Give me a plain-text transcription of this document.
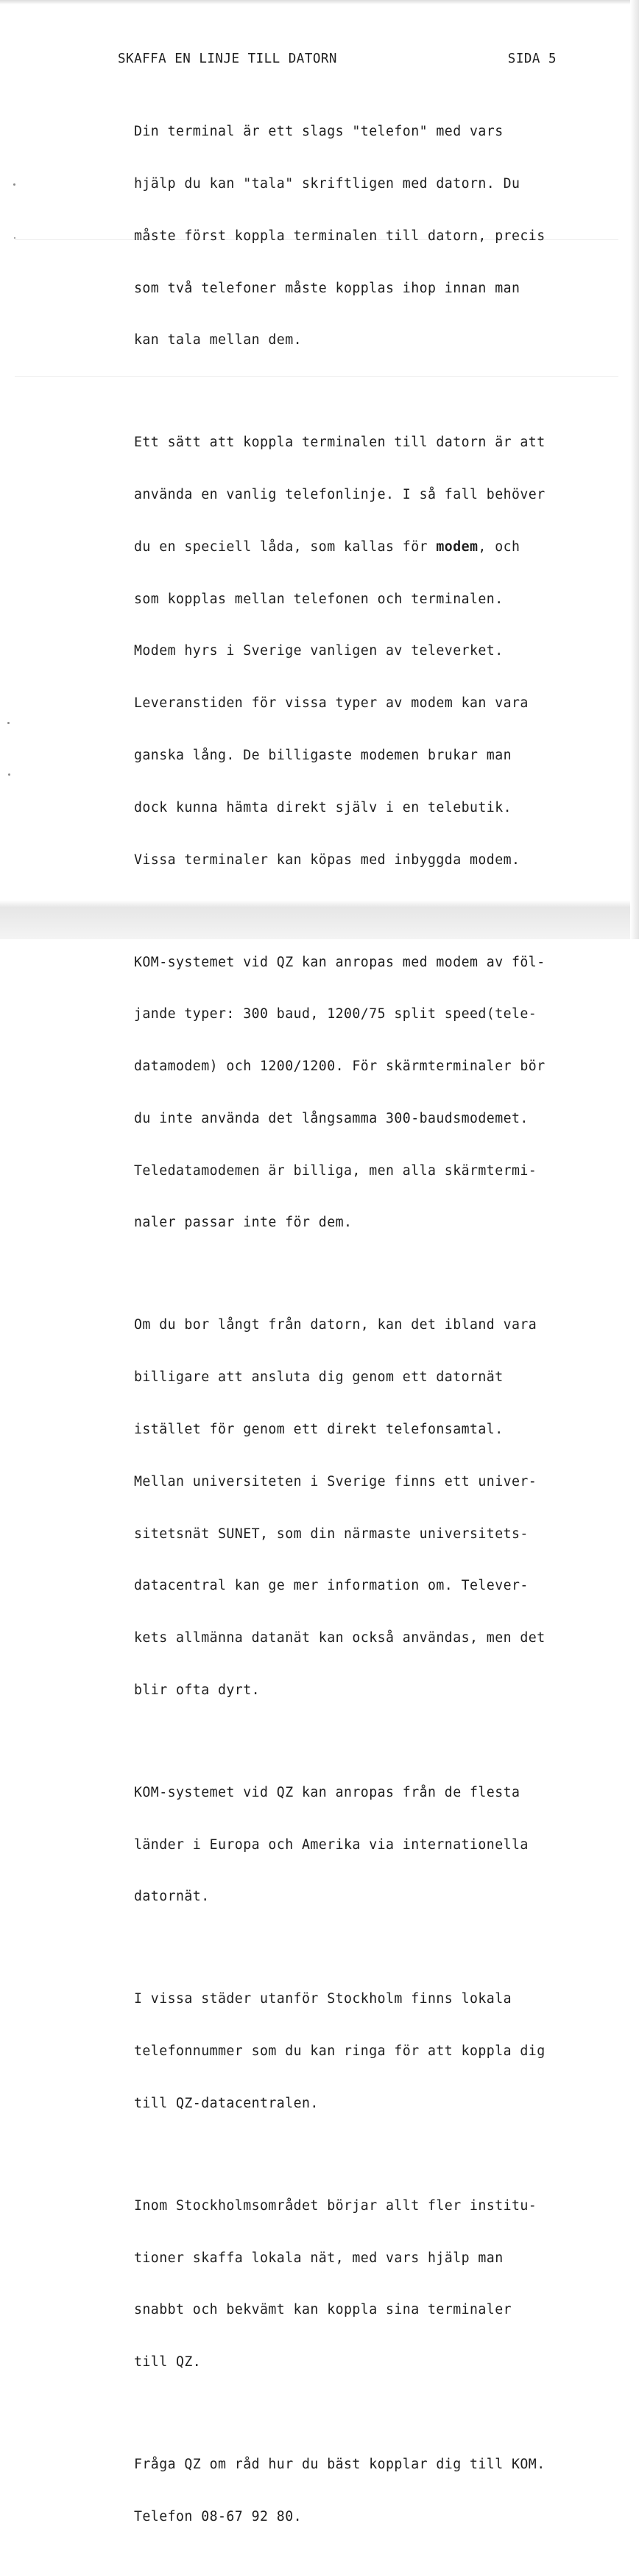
SKAFFA EN LINJE TILL DATORN	SIDA 5

Din terminal är ett slags "telefon" med vars

hjälp du kan "tala" skriftligen med datorn. Du

måste först koppla terminalen till datorn, precis

som två telefoner måste kopplas ihop innan man

kan tala mellan dem.

Ett sätt att koppla terminalen till datorn är att

använda en vanlig telefonlinje. I så fall behöver

du en speciell låda, som kallas för modem, och

som kopplas mellan telefonen och terminalen.

Modem hyrs i Sverige vanligen av televerket.

Leveranstiden för vissa typer av modem kan vara

ganska lång. De billigaste modemen brukar man

dock kunna hämta direkt själv i en telebutik.

Vissa terminaler kan köpas med inbyggda modem.

KOM-systemet vid QZ kan anropas med modem av föl-

jande typer: 300 baud, 1200/75 split speed(tele-

datamodem) och 1200/1200. För skärmterminaler bör

du inte använda det långsamma 300-baudsmodemet.

Teledatamodemen är billiga, men alla skärmtermi-

naler passar inte för dem.

Om du bor långt från datorn, kan det ibland vara

billigare att ansluta dig genom ett datornät

istället för genom ett direkt telefonsamtal.

Mellan universiteten i Sverige finns ett univer-

sitetsnät SUNET, som din närmaste universitets-

datacentral kan ge mer information om. Telever-

kets allmänna datanät kan också användas, men det

blir ofta dyrt.

KOM-systemet vid QZ kan anropas från de flesta

länder i Europa och Amerika via internationella

datornät.

I vissa städer utanför Stockholm finns lokala

telefonnummer som du kan ringa för att koppla dig

till QZ-datacentralen.

Inom Stockholmsområdet börjar allt fler institu-

tioner skaffa lokala nät, med vars hjälp man

snabbt och bekvämt kan koppla sina terminaler

till QZ.

Fråga QZ om råd hur du bäst kopplar dig till KOM.

Telefon 08-67 92 80.
